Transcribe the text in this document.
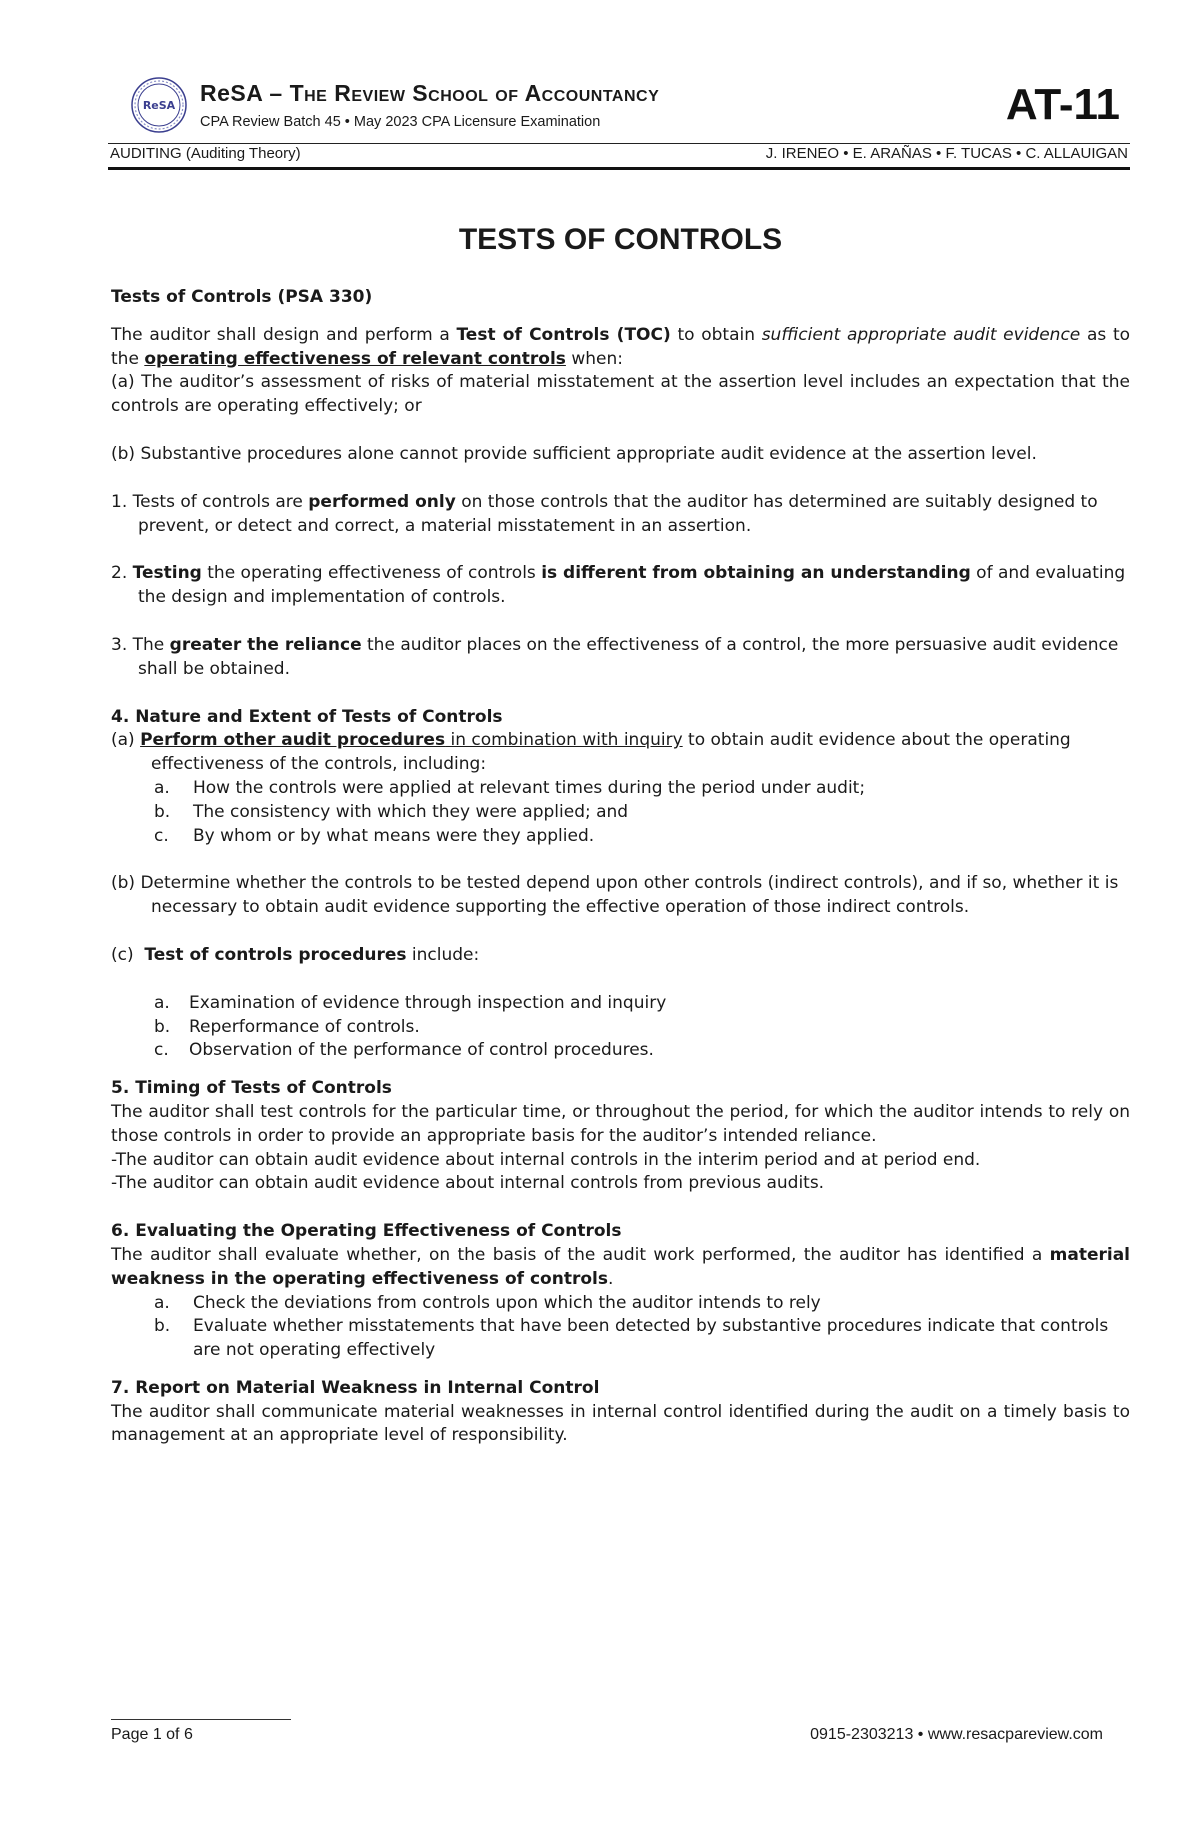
ReSA ReSA – The Review School of Accountancy
CPA Review Batch 45 • May 2023 CPA Licensure Examination	AT-11
AUDITING (Auditing Theory)	J. IRENEO • E. ARAÑAS • F. TUCAS • C. ALLAUIGAN

TESTS OF CONTROLS

Tests of Controls (PSA 330)

The auditor shall design and perform a Test of Controls (TOC) to obtain sufficient appropriate audit evidence as to the operating effectiveness of relevant controls when:

(a) The auditor’s assessment of risks of material misstatement at the assertion level includes an expectation that the controls are operating effectively; or

(b) Substantive procedures alone cannot provide sufficient appropriate audit evidence at the assertion level.

1. Tests of controls are performed only on those controls that the auditor has determined are suitably designed to prevent, or detect and correct, a material misstatement in an assertion.

2. Testing the operating effectiveness of controls is different from obtaining an understanding of and evaluating the design and implementation of controls.

3. The greater the reliance the auditor places on the effectiveness of a control, the more persuasive audit evidence shall be obtained.

4. Nature and Extent of Tests of Controls

(a) Perform other audit procedures in combination with inquiry to obtain audit evidence about the operating effectiveness of the controls, including:

a. How the controls were applied at relevant times during the period under audit;
b. The consistency with which they were applied; and
c. By whom or by what means were they applied.

(b) Determine whether the controls to be tested depend upon other controls (indirect controls), and if so, whether it is necessary to obtain audit evidence supporting the effective operation of those indirect controls.

(c)  Test of controls procedures include:

a. Examination of evidence through inspection and inquiry
b. Reperformance of controls.
c. Observation of the performance of control procedures.

5. Timing of Tests of Controls

The auditor shall test controls for the particular time, or throughout the period, for which the auditor intends to rely on those controls in order to provide an appropriate basis for the auditor’s intended reliance.

-The auditor can obtain audit evidence about internal controls in the interim period and at period end.

-The auditor can obtain audit evidence about internal controls from previous audits.

6. Evaluating the Operating Effectiveness of Controls

The auditor shall evaluate whether, on the basis of the audit work performed, the auditor has identified a material weakness in the operating effectiveness of controls.

a. Check the deviations from controls upon which the auditor intends to rely
b. Evaluate whether misstatements that have been detected by substantive procedures indicate that controls are not operating effectively

7. Report on Material Weakness in Internal Control

The auditor shall communicate material weaknesses in internal control identified during the audit on a timely basis to management at an appropriate level of responsibility.

Page 1 of 6	0915-2303213 • www.resacpareview.com
